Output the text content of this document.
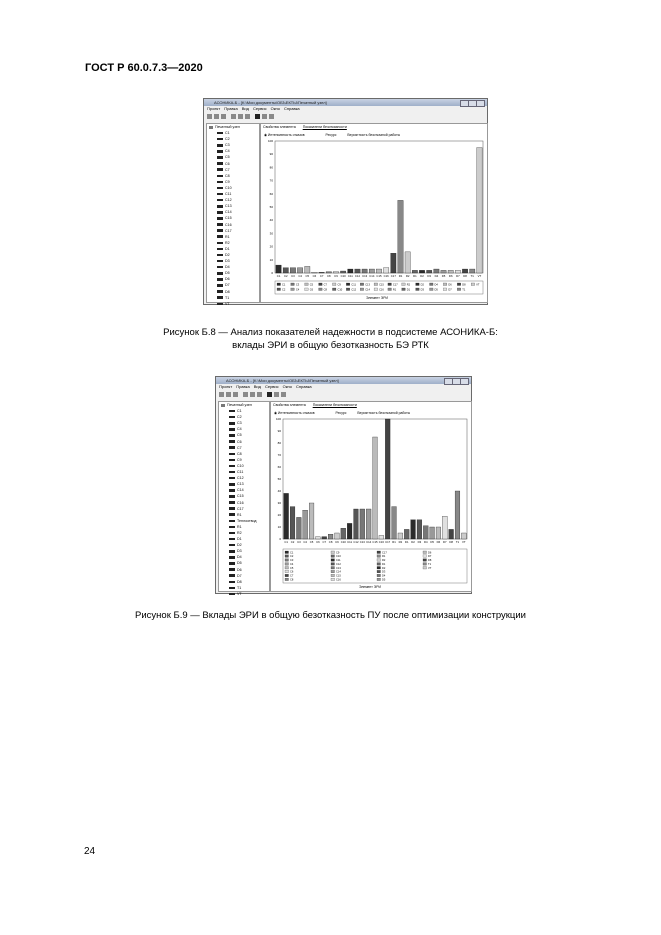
ГОСТ Р 60.0.7.3—2020
АСОНИКА-Б - [K:\Мои документы\ОБЪЕКТЫ\Печатный узел]
Проект Правка Вид Сервис Окно Справка
Печатный узел
C1
C2
C3
C4
C5
C6
C7
C8
C9
C10
C11
C12
C13
C14
C15
C16
C17
R1
R2
D1
D2
D3
D4
D5
D6
D7
D8
T1
VT
Свойства элемента Показатели безотказности
◉ Интенсивность отказов	Ресурс	Вероятность безотказной работы
0
10
20
30
40
50
60
70
80
90
100
C1 C2 C3 C4 C5 C6 C7 C8 C9 C10 C11 C12 C13 C14 C15 C16 C17 R1 R2 D1 D2 D3 D4 D5 D6 D7 D8 T1 VT
C1
C2
C3
C4
C5
C6
C7
C8
C9
C10
C11
C12
C13
C14
C15
C16
C17
R1
R2
D1
D2
D3
D4
D5
D6
D7
D8
T1
VT
Элемент ЭРИ
Рисунок Б.8 — Анализ показателей надежности в подсистеме АСОНИКА-Б:
вклады ЭРИ в общую безотказность БЭ РТК
АСОНИКА-Б - [K:\Мои документы\ОБЪЕКТЫ\Печатный узел]
Проект Правка Вид Сервис Окно Справка
Печатный узел
C1
C2
C3
C4
C5
C6
C7
C8
C9
C10
C11
C12
C13
C14
C15
C16
C17
R1
Теплоотвод
R1
R2
D1
D2
D3
D4
D5
D6
D7
D8
T1
VT
Свойства элемента Показатели безотказности
◉ Интенсивность отказов	Ресурс	Вероятность безотказной работы
0
10
20
30
40
50
60
70
80
90
100
C1 C2 C3 C4 C5 C6 C7 C8 C9 C10 C11 C12 C13 C14 C15 C16 C17 R1 R2 D1 D2 D3 D4 D5 D6 D7 D8 T1 VT
C1
C2
C3
C4
C5
C6
C7
C8
C9
C10
C11
C12
C13
C14
C15
C16
C17
R1
R2
D1
D2
D3
D4
D5
D6
D7
D8
T1
VT
Элемент ЭРИ
Рисунок Б.9 — Вклады ЭРИ в общую безотказность ПУ после оптимизации конструкции
24
